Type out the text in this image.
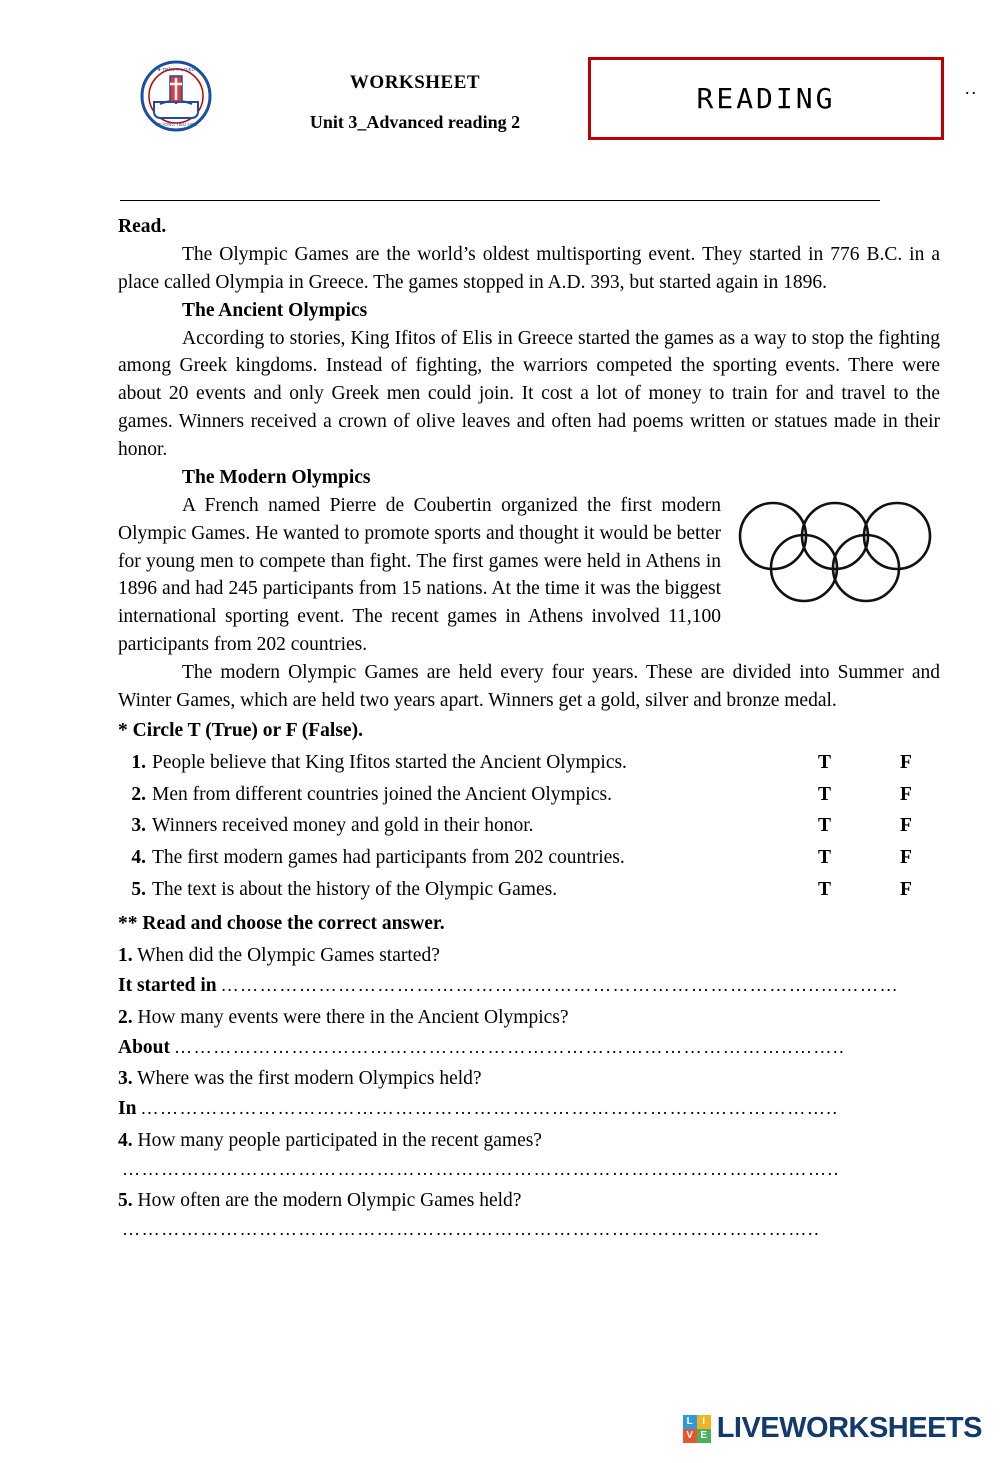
★ TRẦN THỊ DIỆU
TRƯỜNG TIỂU HỌC
WORKSHEET
Unit 3_Advanced reading 2
READING	..

Read.

The Olympic Games are the world’s oldest multisporting event. They started in 776 B.C. in a place called Olympia in Greece. The games stopped in A.D. 393, but started again in 1896.

The Ancient Olympics

According to stories, King Ifitos of Elis in Greece started the games as a way to stop the fighting among Greek kingdoms. Instead of fighting, the warriors competed the sporting events. There were about 20 events and only Greek men could join. It cost a lot of money to train for and travel to the games. Winners received a crown of olive leaves and often had poems written or statues made in their honor.

The Modern Olympics

A French named Pierre de Coubertin organized the first modern Olympic Games. He wanted to promote sports and thought it would be better for young men to compete than fight. The first games were held in Athens in 1896 and had 245 participants from 15 nations. At the time it was the biggest international sporting event. The recent games in Athens involved 11,100 participants from 202 countries.

The modern Olympic Games are held every four years. These are divided into Summer and Winter Games, which are held two years apart. Winners get a gold, silver and bronze medal.

* Circle T (True) or F (False).

1. People believe that King Ifitos started the Ancient Olympics.	T	F
2. Men from different countries joined the Ancient Olympics.	T	F
3. Winners received money and gold in their honor.	T	F
4. The first modern games had participants from 202 countries.	T	F
5. The text is about the history of the Olympic Games.	T	F

** Read and choose the correct answer.

1. When did the Olympic Games started?

It started in ………………………………………………………………………………..…………

2. How many events were there in the Ancient Olympics?

About …………………………………………………………………………………..……..

3. Where was the first modern Olympics held?

In ……………………………………………………………………………………………..

4. How many people participated in the recent games?

………………………………………………………………………………………………..

5. How often are the modern Olympic Games held?

……………………………………………………………………………………………..
L I
V E LIVEWORKSHEETS
